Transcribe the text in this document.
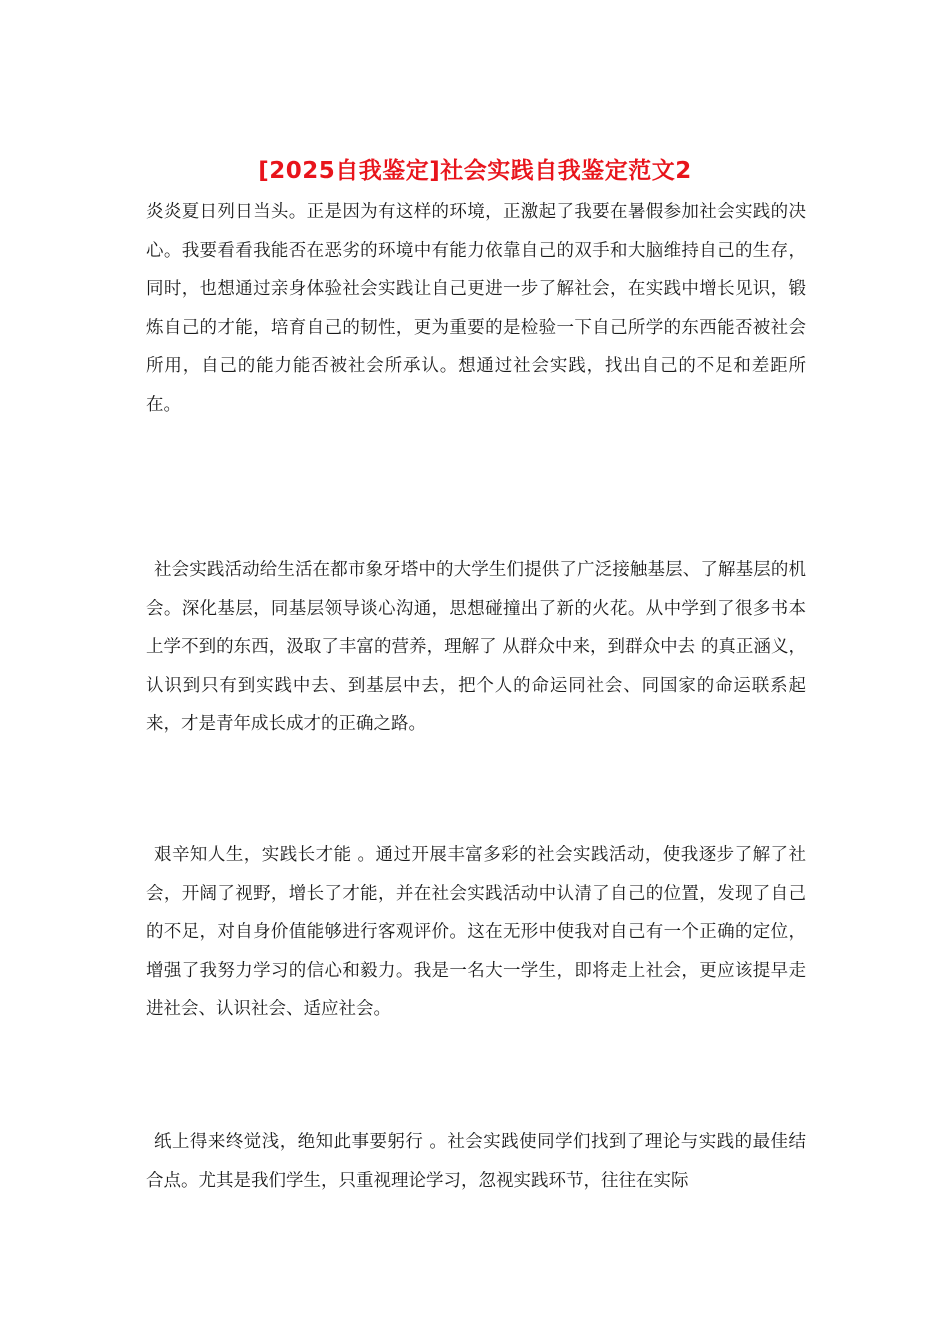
[2025自我鉴定]社会实践自我鉴定范文2

炎炎夏日列日当头。正是因为有这样的环境，正激起了我要在暑假参加社会实践的决心。我要看看我能否在恶劣的环境中有能力依靠自己的双手和大脑维持自己的生存，同时，也想通过亲身体验社会实践让自己更进一步了解社会，在实践中增长见识，锻炼自己的才能，培育自己的韧性，更为重要的是检验一下自己所学的东西能否被社会所用，自己的能力能否被社会所承认。想通过社会实践，找出自己的不足和差距所在。

社会实践活动给生活在都市象牙塔中的大学生们提供了广泛接触基层、了解基层的机会。深化基层，同基层领导谈心沟通，思想碰撞出了新的火花。从中学到了很多书本上学不到的东西，汲取了丰富的营养，理解了 从群众中来，到群众中去 的真正涵义，认识到只有到实践中去、到基层中去，把个人的命运同社会、同国家的命运联系起来，才是青年成长成才的正确之路。

艰辛知人生，实践长才能 。通过开展丰富多彩的社会实践活动，使我逐步了解了社会，开阔了视野，增长了才能，并在社会实践活动中认清了自己的位置，发现了自己的不足，对自身价值能够进行客观评价。这在无形中使我对自己有一个正确的定位，增强了我努力学习的信心和毅力。我是一名大一学生，即将走上社会，更应该提早走进社会、认识社会、适应社会。

纸上得来终觉浅，绝知此事要躬行 。社会实践使同学们找到了理论与实践的最佳结合点。尤其是我们学生，只重视理论学习，忽视实践环节，往往在实际
